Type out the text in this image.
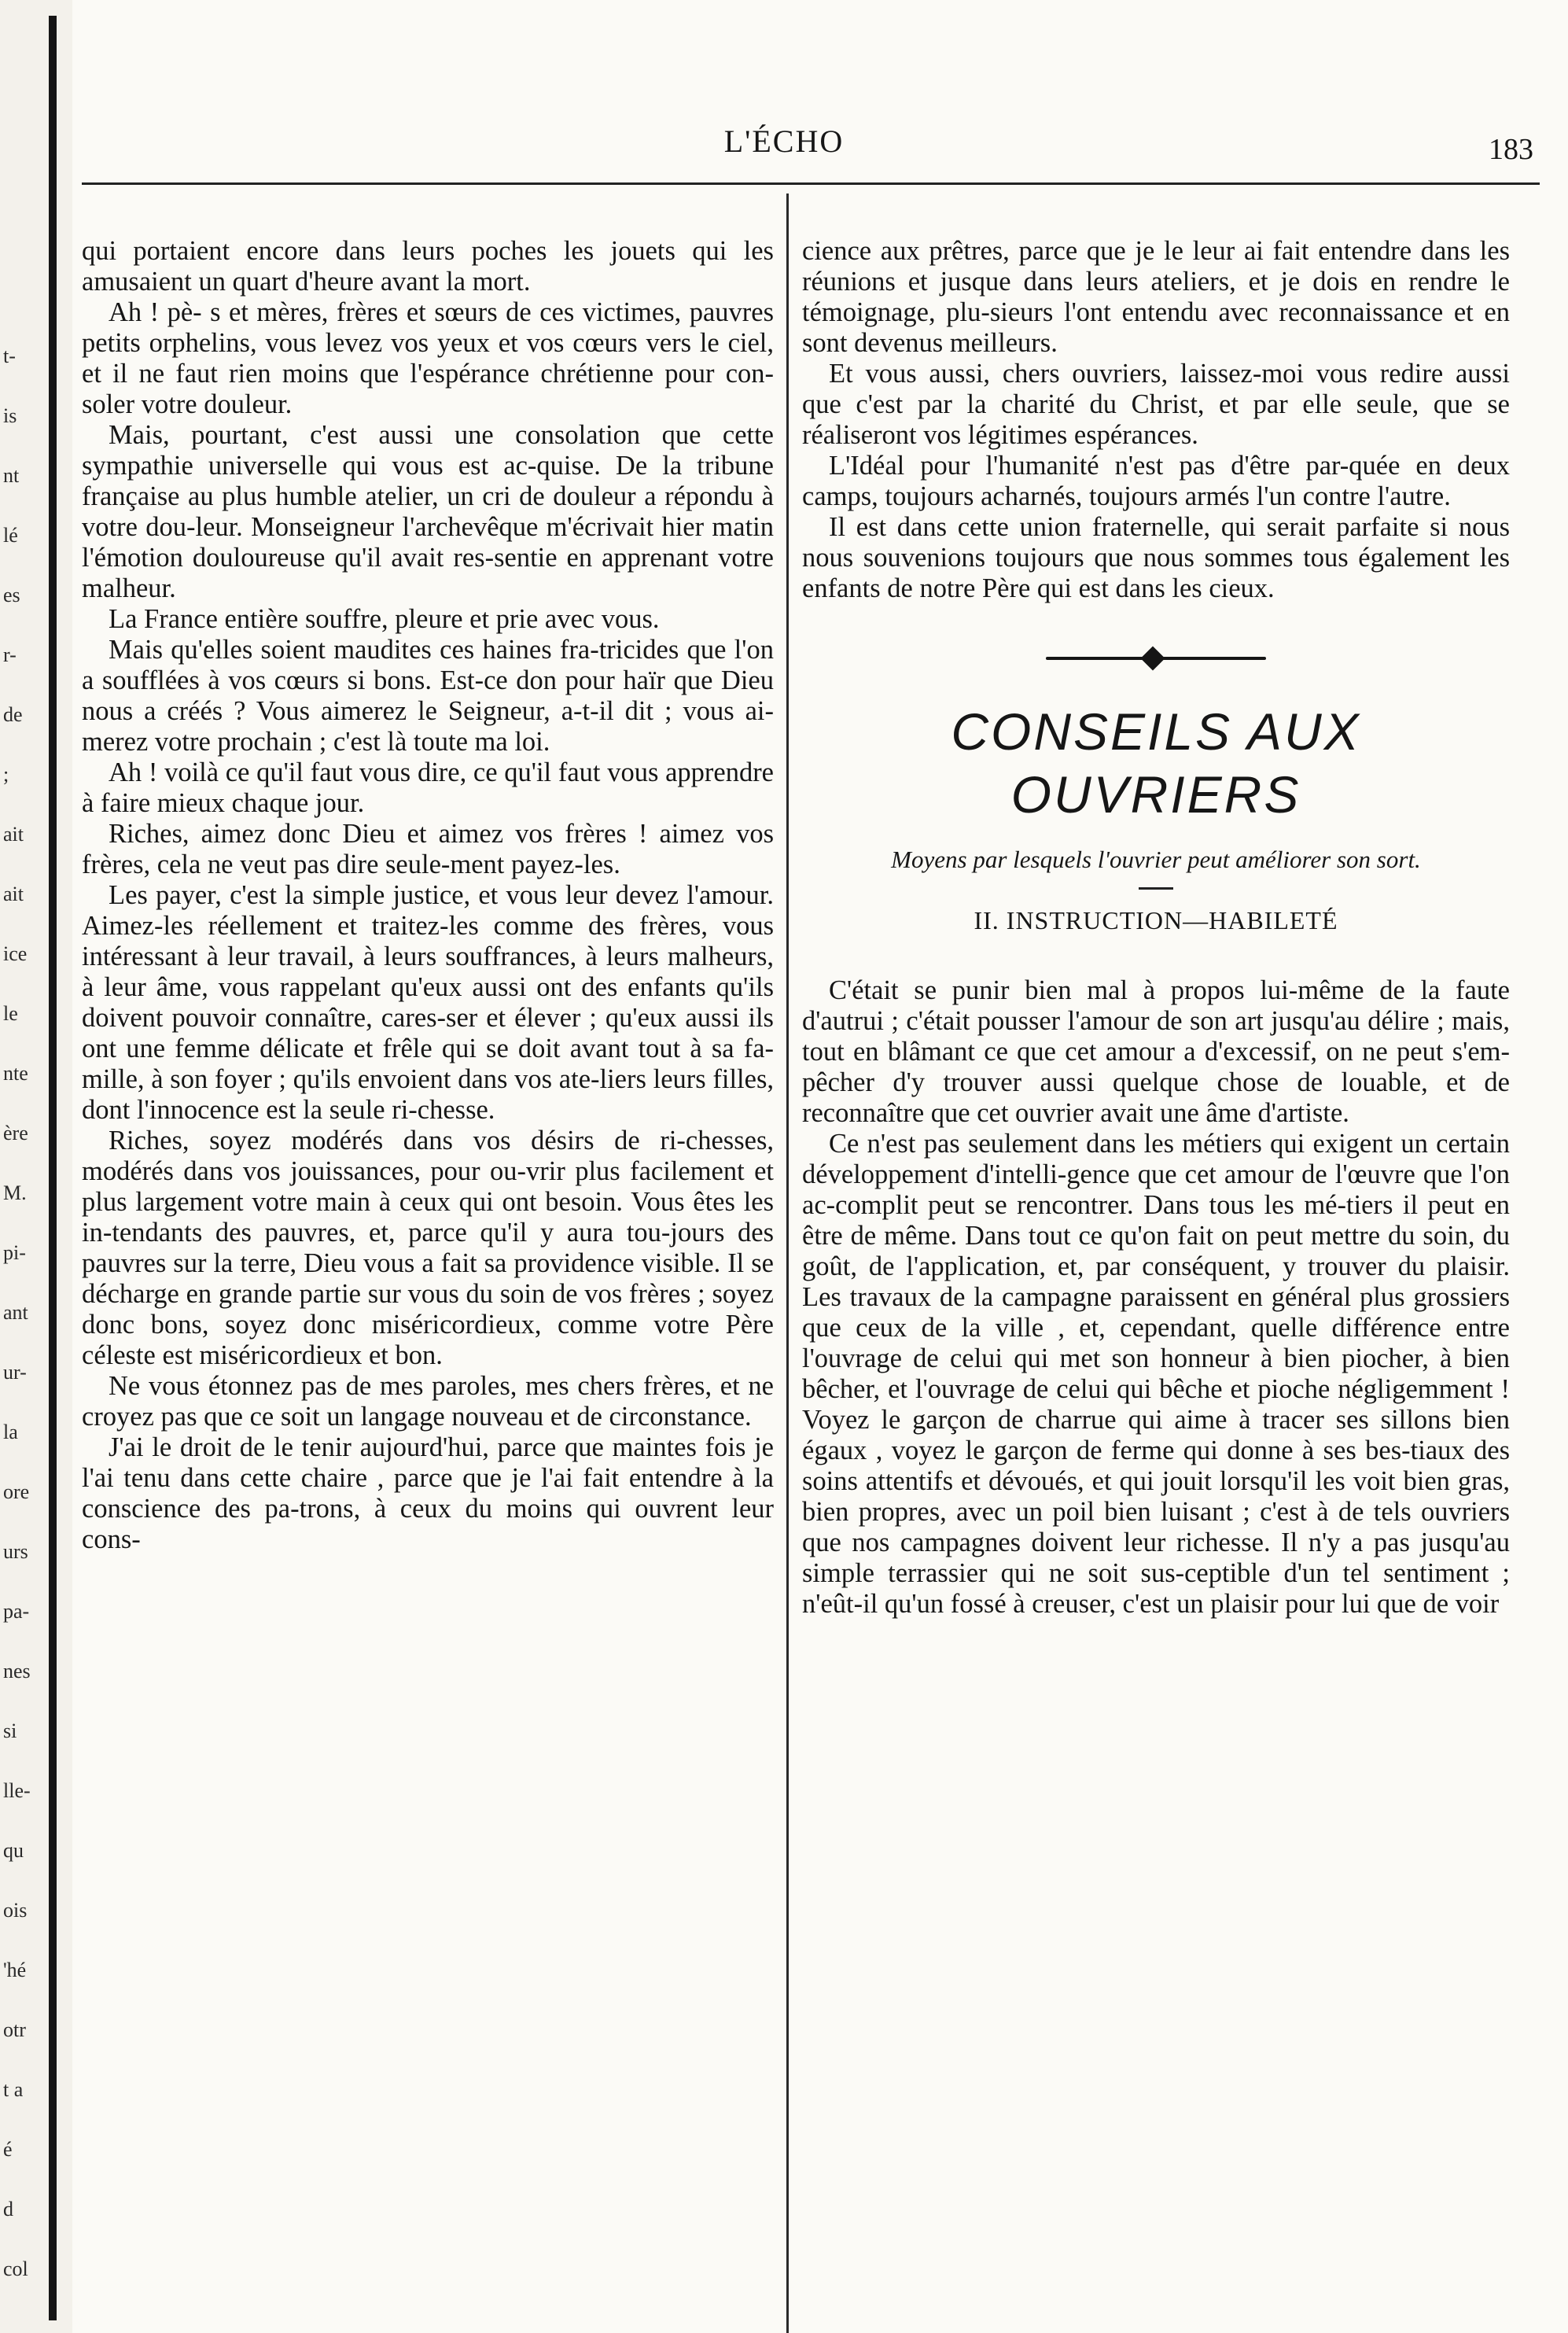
t-
is
nt
lé
es
r-
de
;
ait
ait
ice
le
nte
ère
M.
pi-
ant
ur-
la
ore
urs
pa-
nes
si
lle-
qu
ois
'hé
otr
t a
é
d
col
L'ÉCHO	183

qui portaient encore dans leurs poches les jouets qui les amusaient un quart d'heure avant la mort.

Ah ! pè- s et mères, frères et sœurs de ces victimes, pauvres petits orphelins, vous levez vos yeux et vos cœurs vers le ciel, et il ne faut rien moins que l'espérance chrétienne pour con-soler votre douleur.

Mais, pourtant, c'est aussi une consolation que cette sympathie universelle qui vous est ac-quise. De la tribune française au plus humble atelier, un cri de douleur a répondu à votre dou-leur. Monseigneur l'archevêque m'écrivait hier matin l'émotion douloureuse qu'il avait res-sentie en apprenant votre malheur.

La France entière souffre, pleure et prie avec vous.

Mais qu'elles soient maudites ces haines fra-tricides que l'on a soufflées à vos cœurs si bons. Est-ce don pour haïr que Dieu nous a créés ? Vous aimerez le Seigneur, a-t-il dit ; vous ai-merez votre prochain ; c'est là toute ma loi.

Ah ! voilà ce qu'il faut vous dire, ce qu'il faut vous apprendre à faire mieux chaque jour.

Riches, aimez donc Dieu et aimez vos frères ! aimez vos frères, cela ne veut pas dire seule-ment payez-les.

Les payer, c'est la simple justice, et vous leur devez l'amour. Aimez-les réellement et traitez-les comme des frères, vous intéressant à leur travail, à leurs souffrances, à leurs malheurs, à leur âme, vous rappelant qu'eux aussi ont des enfants qu'ils doivent pouvoir connaître, cares-ser et élever ; qu'eux aussi ils ont une femme délicate et frêle qui se doit avant tout à sa fa-mille, à son foyer ; qu'ils envoient dans vos ate-liers leurs filles, dont l'innocence est la seule ri-chesse.

Riches, soyez modérés dans vos désirs de ri-chesses, modérés dans vos jouissances, pour ou-vrir plus facilement et plus largement votre main à ceux qui ont besoin. Vous êtes les in-tendants des pauvres, et, parce qu'il y aura tou-jours des pauvres sur la terre, Dieu vous a fait sa providence visible. Il se décharge en grande partie sur vous du soin de vos frères ; soyez donc bons, soyez donc miséricordieux, comme votre Père céleste est miséricordieux et bon.

Ne vous étonnez pas de mes paroles, mes chers frères, et ne croyez pas que ce soit un langage nouveau et de circonstance.

J'ai le droit de le tenir aujourd'hui, parce que maintes fois je l'ai tenu dans cette chaire , parce que je l'ai fait entendre à la conscience des pa-trons, à ceux du moins qui ouvrent leur cons-

cience aux prêtres, parce que je le leur ai fait entendre dans les réunions et jusque dans leurs ateliers, et je dois en rendre le témoignage, plu-sieurs l'ont entendu avec reconnaissance et en sont devenus meilleurs.

Et vous aussi, chers ouvriers, laissez-moi vous redire aussi que c'est par la charité du Christ, et par elle seule, que se réaliseront vos légitimes espérances.

L'Idéal pour l'humanité n'est pas d'être par-quée en deux camps, toujours acharnés, toujours armés l'un contre l'autre.

Il est dans cette union fraternelle, qui serait parfaite si nous nous souvenions toujours que nous sommes tous également les enfants de notre Père qui est dans les cieux.

CONSEILS AUX OUVRIERS
Moyens par lesquels l'ouvrier peut améliorer son sort.
II. INSTRUCTION—HABILETÉ

C'était se punir bien mal à propos lui-même de la faute d'autrui ; c'était pousser l'amour de son art jusqu'au délire ; mais, tout en blâmant ce que cet amour a d'excessif, on ne peut s'em-pêcher d'y trouver aussi quelque chose de louable, et de reconnaître que cet ouvrier avait une âme d'artiste.

Ce n'est pas seulement dans les métiers qui exigent un certain développement d'intelli-gence que cet amour de l'œuvre que l'on ac-complit peut se rencontrer. Dans tous les mé-tiers il peut en être de même. Dans tout ce qu'on fait on peut mettre du soin, du goût, de l'application, et, par conséquent, y trouver du plaisir. Les travaux de la campagne paraissent en général plus grossiers que ceux de la ville , et, cependant, quelle différence entre l'ouvrage de celui qui met son honneur à bien piocher, à bien bêcher, et l'ouvrage de celui qui bêche et pioche négligemment ! Voyez le garçon de charrue qui aime à tracer ses sillons bien égaux , voyez le garçon de ferme qui donne à ses bes-tiaux des soins attentifs et dévoués, et qui jouit lorsqu'il les voit bien gras, bien propres, avec un poil bien luisant ; c'est à de tels ouvriers que nos campagnes doivent leur richesse. Il n'y a pas jusqu'au simple terrassier qui ne soit sus-ceptible d'un tel sentiment ; n'eût-il qu'un fossé à creuser, c'est un plaisir pour lui que de voir
